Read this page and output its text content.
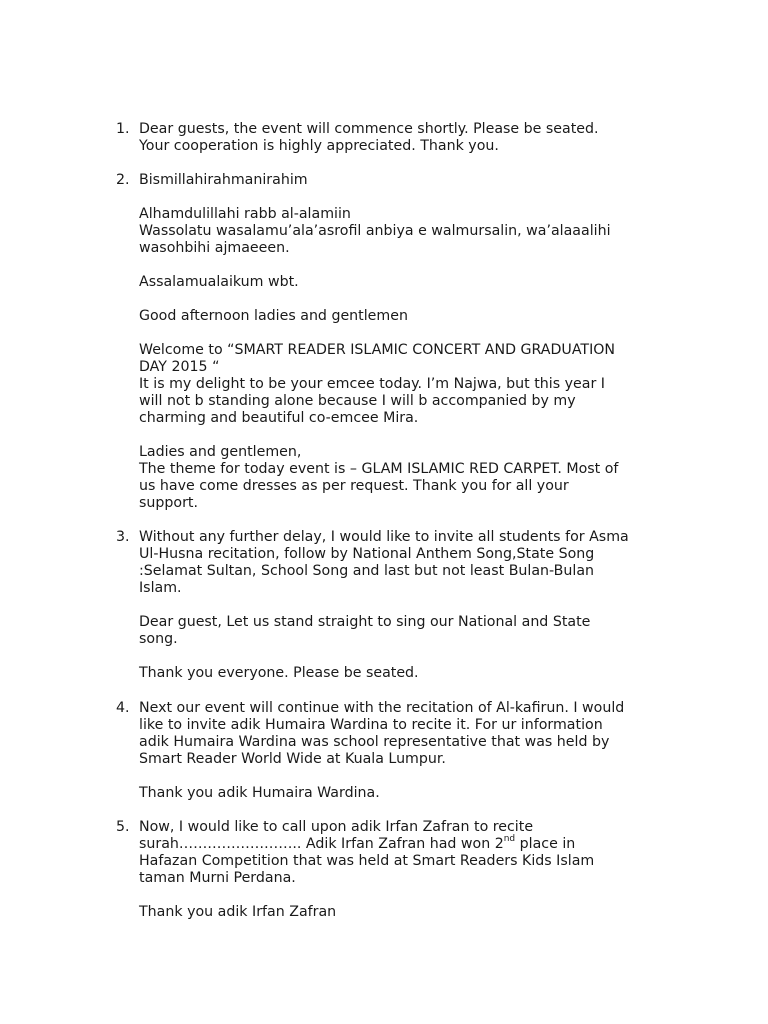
1. Dear guests, the event will commence shortly. Please be seated.
Your cooperation is highly appreciated. Thank you.
2. Bismillahirahmanirahim
Alhamdulillahi rabb al-alamiin
Wassolatu wasalamu’ala’asrofil anbiya e walmursalin, wa’alaaalihi
wasohbihi ajmaeeen.
Assalamualaikum wbt.
Good afternoon ladies and gentlemen
Welcome to “SMART READER ISLAMIC CONCERT AND GRADUATION
DAY 2015 “
It is my delight to be your emcee today. I’m Najwa, but this year I
will not b standing alone because I will b accompanied by my
charming and beautiful co-emcee Mira.
Ladies and gentlemen,
The theme for today event is – GLAM ISLAMIC RED CARPET. Most of
us have come dresses as per request. Thank you for all your
support.
3. Without any further delay, I would like to invite all students for Asma
Ul-Husna recitation, follow by National Anthem Song,State Song
:Selamat Sultan, School Song and last but not least Bulan-Bulan
Islam.
Dear guest, Let us stand straight to sing our National and State
song.
Thank you everyone. Please be seated.
4. Next our event will continue with the recitation of Al-kafirun. I would
like to invite adik Humaira Wardina to recite it. For ur information
adik Humaira Wardina was school representative that was held by
Smart Reader World Wide at Kuala Lumpur.
Thank you adik Humaira Wardina.
5. Now, I would like to call upon adik Irfan Zafran to recite
surah…………………….. Adik Irfan Zafran had won 2nd place in
Hafazan Competition that was held at Smart Readers Kids Islam
taman Murni Perdana.
Thank you adik Irfan Zafran
